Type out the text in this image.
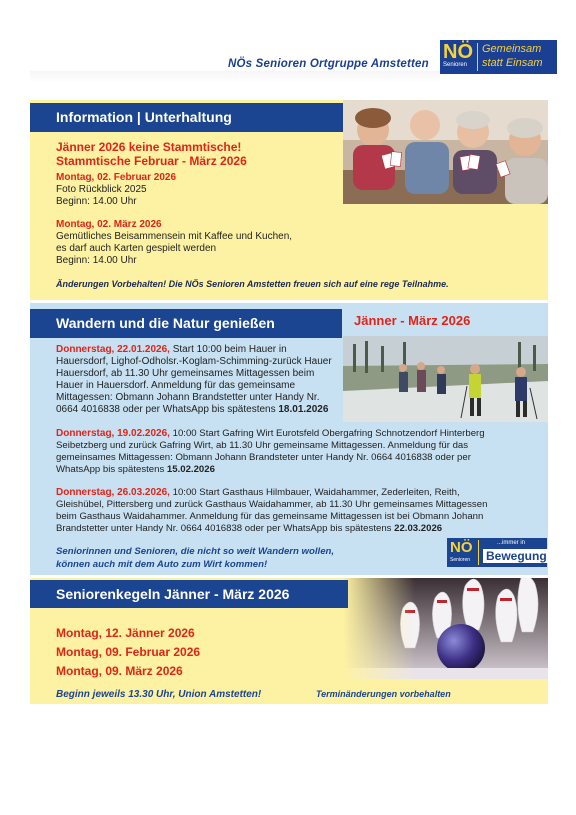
NÖs Senioren Ortgruppe Amstetten
NÖ
Senioren
Gemeinsam
statt Einsam
Information | Unterhaltung
Jänner 2026 keine Stammtische!
Stammtische Februar - März 2026
Montag, 02. Februar 2026
Foto Rückblick 2025
Beginn: 14.00 Uhr
Montag, 02. März 2026
Gemütliches Beisammensein mit Kaffee und Kuchen,
es darf auch Karten gespielt werden
Beginn: 14.00 Uhr
Änderungen Vorbehalten! Die NÖs Senioren Amstetten freuen sich auf eine rege Teilnahme.
Wandern und die Natur genießen	Jänner - März 2026
Donnerstag, 22.01.2026, Start 10:00 beim Hauer in
Hauersdorf, Lighof-Odholsr.-Koglam-Schimming-zurück Hauer
Hauersdorf, ab 11.30 Uhr gemeinsames Mittagessen beim
Hauer in Hauersdorf. Anmeldung für das gemeinsame
Mittagessen: Obmann Johann Brandstetter unter Handy Nr.
0664 4016838 oder per WhatsApp bis spätestens 18.01.2026
Donnerstag, 19.02.2026, 10:00 Start Gafring Wirt Eurotsfeld Obergafring Schnotzendorf Hinterberg
Seibetzberg und zurück Gafring Wirt, ab 11.30 Uhr gemeinsame Mittagessen. Anmeldung für das
gemeinsames Mittagessen: Obmann Johann Brandsteter unter Handy Nr. 0664 4016838 oder per
WhatsApp bis spätestens 15.02.2026
Donnerstag, 26.03.2026, 10:00 Start Gasthaus Hilmbauer, Waidahammer, Zederleiten, Reith,
Gleishübel, Pittersberg und zurück Gasthaus Waidahammer, ab 11.30 Uhr gemeinsames Mittagessen
beim Gasthaus Waidahammer. Anmeldung für das gemeinsame Mittagessen ist bei Obmann Johann
Brandstetter unter Handy Nr. 0664 4016838 oder per WhatsApp bis spätestens 22.03.2026
Seniorinnen und Senioren, die nicht so weit Wandern wollen,
können auch mit dem Auto zum Wirt kommen!
NÖ
Senioren
...immer in
Bewegung
Seniorenkegeln Jänner - März 2026
Montag, 12. Jänner 2026
Montag, 09. Februar 2026
Montag, 09. März 2026
Beginn jeweils 13.30 Uhr, Union Amstetten!	Terminänderungen vorbehalten
